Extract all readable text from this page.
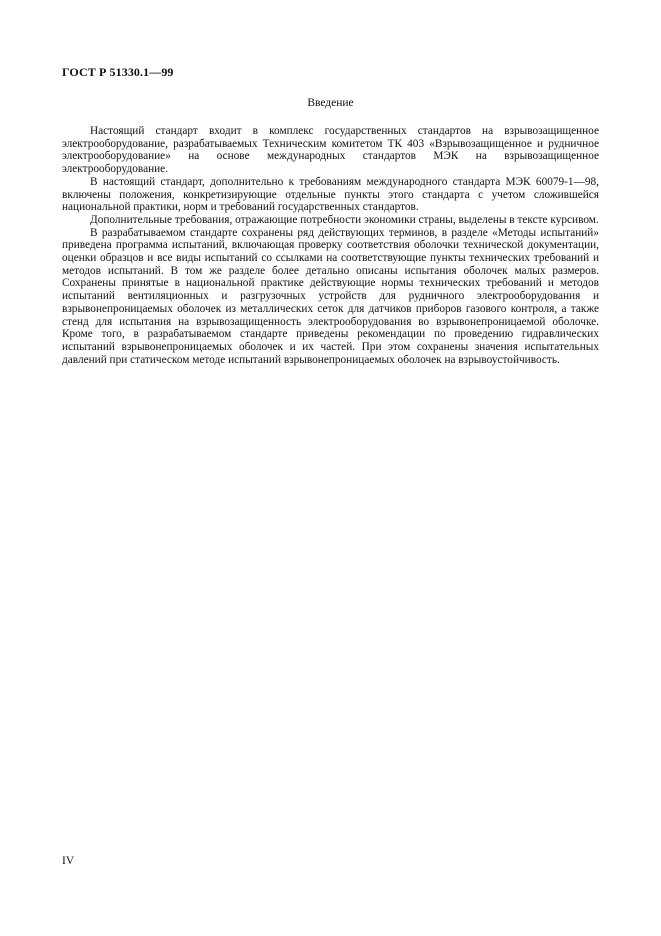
ГОСТ Р 51330.1—99
Введение

Настоящий стандарт входит в комплекс государственных стандартов на взрывозащищенное электрооборудование, разрабатываемых Техническим комитетом ТК 403 «Взрывозащищенное и рудничное электрооборудование» на основе международных стандартов МЭК на взрывозащищенное электрооборудование.

В настоящий стандарт, дополнительно к требованиям международного стандарта МЭК 60079-1—98, включены положения, конкретизирующие отдельные пункты этого стандарта с учетом сложившейся национальной практики, норм и требований государственных стандартов.

Дополнительные требования, отражающие потребности экономики страны, выделены в тексте курсивом.

В разрабатываемом стандарте сохранены ряд действующих терминов, в разделе «Методы испытаний» приведена программа испытаний, включающая проверку соответствия оболочки технической документации, оценки образцов и все виды испытаний со ссылками на соответствующие пункты технических требований и методов испытаний. В том же разделе более детально описаны испытания оболочек малых размеров. Сохранены принятые в национальной практике действующие нормы технических требований и методов испытаний вентиляционных и разгрузочных устройств для рудничного электрооборудования и взрывонепроницаемых оболочек из металлических сеток для датчиков приборов газового контроля, а также стенд для испытания на взрывозащищенность электрооборудования во взрывонепроницаемой оболочке. Кроме того, в разрабатываемом стандарте приведены рекомендации по проведению гидравлических испытаний взрывонепроницаемых оболочек и их частей. При этом сохранены значения испытательных давлений при статическом методе испытаний взрывонепроницаемых оболочек на взрывоустойчивость.

IV
